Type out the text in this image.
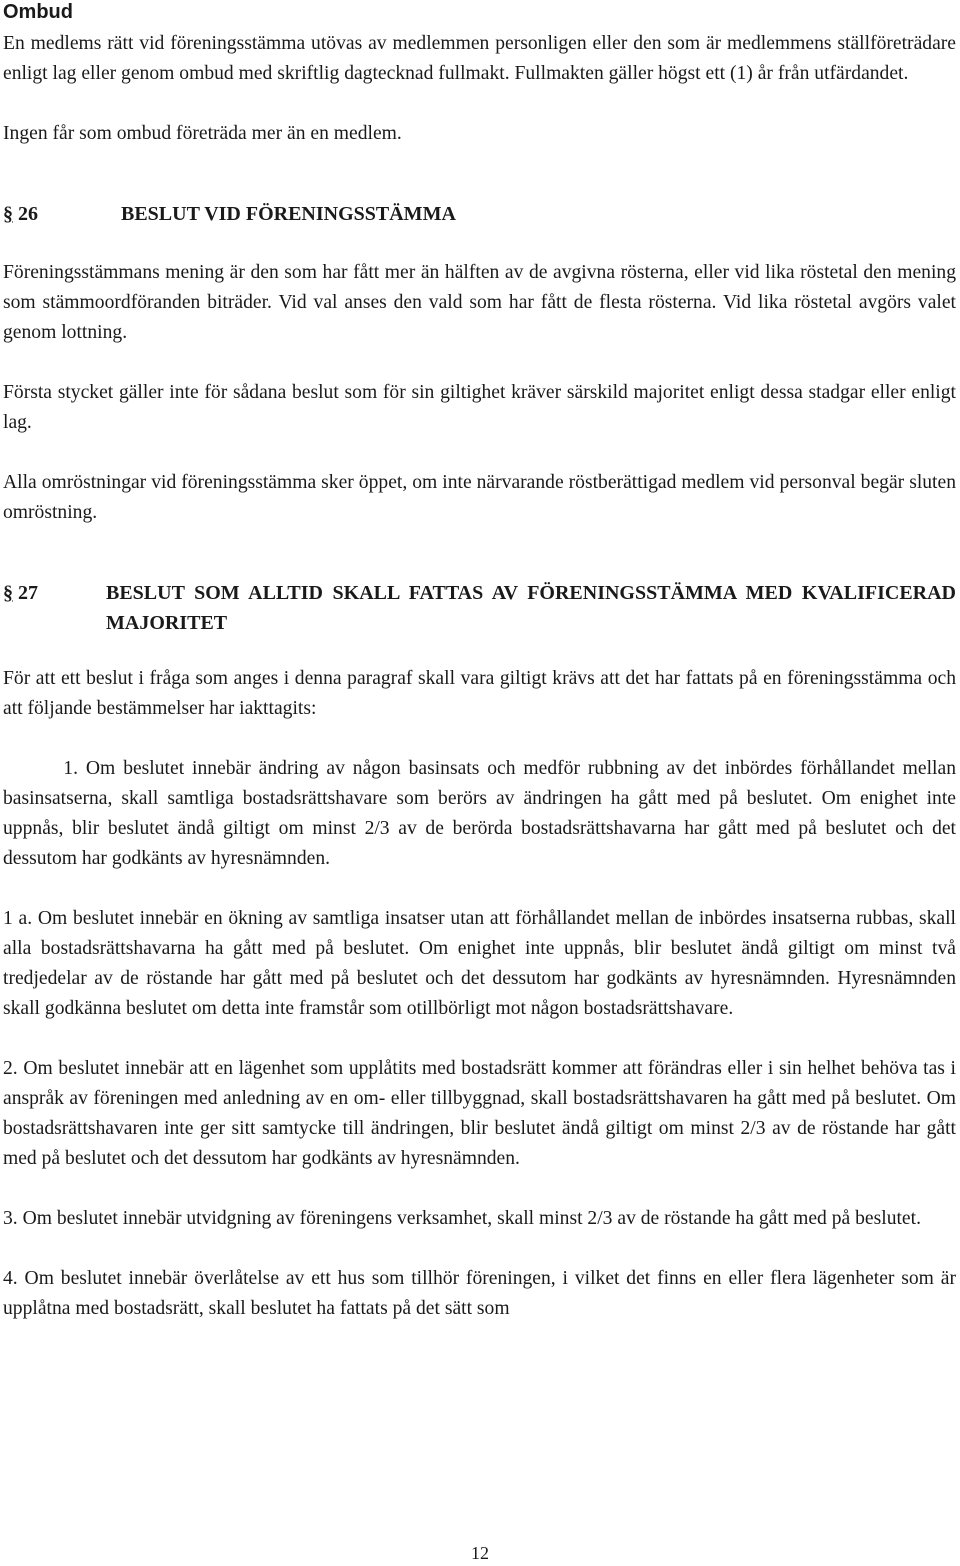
Ombud

En medlems rätt vid föreningsstämma utövas av medlemmen personligen eller den som är medlemmens ställföreträdare enligt lag eller genom ombud med skriftlig dagtecknad fullmakt. Fullmakten gäller högst ett (1) år från utfärdandet.

Ingen får som ombud företräda mer än en medlem.

§ 26	BESLUT VID FÖRENINGSSTÄMMA

Föreningsstämmans mening är den som har fått mer än hälften av de avgivna rösterna, eller vid lika röstetal den mening som stämmoordföranden biträder. Vid val anses den vald som har fått de flesta rösterna. Vid lika röstetal avgörs valet genom lottning.

Första stycket gäller inte för sådana beslut som för sin giltighet kräver särskild majoritet enligt dessa stadgar eller enligt lag.

Alla omröstningar vid föreningsstämma sker öppet, om inte närvarande röstberättigad medlem vid personval begär sluten omröstning.

§ 27	BESLUT SOM ALLTID SKALL FATTAS AV FÖRENINGSSTÄMMA MED KVALIFICERAD MAJORITET

För att ett beslut i fråga som anges i denna paragraf skall vara giltigt krävs att det har fattats på en föreningsstämma och att följande bestämmelser har iakttagits:

1. Om beslutet innebär ändring av någon basinsats och medför rubbning av det inbördes förhållandet mellan basinsatserna, skall samtliga bostadsrättshavare som berörs av ändringen ha gått med på beslutet. Om enighet inte uppnås, blir beslutet ändå giltigt om minst 2/3 av de berörda bostadsrättshavarna har gått med på beslutet och det dessutom har godkänts av hyresnämnden.

1 a. Om beslutet innebär en ökning av samtliga insatser utan att förhållandet mellan de inbördes insatserna rubbas, skall alla bostadsrättshavarna ha gått med på beslutet. Om enighet inte uppnås, blir beslutet ändå giltigt om minst två tredjedelar av de röstande har gått med på beslutet och det dessutom har godkänts av hyresnämnden. Hyresnämnden skall godkänna beslutet om detta inte framstår som otillbörligt mot någon bostadsrättshavare.

2. Om beslutet innebär att en lägenhet som upplåtits med bostadsrätt kommer att förändras eller i sin helhet behöva tas i anspråk av föreningen med anledning av en om- eller tillbyggnad, skall bostadsrättshavaren ha gått med på beslutet. Om bostadsrättshavaren inte ger sitt samtycke till ändringen, blir beslutet ändå giltigt om minst 2/3 av de röstande har gått med på beslutet och det dessutom har godkänts av hyresnämnden.

3. Om beslutet innebär utvidgning av föreningens verksamhet, skall minst 2/3 av de röstande ha gått med på beslutet.

4. Om beslutet innebär överlåtelse av ett hus som tillhör föreningen, i vilket det finns en eller flera lägenheter som är upplåtna med bostadsrätt, skall beslutet ha fattats på det sätt som

12
